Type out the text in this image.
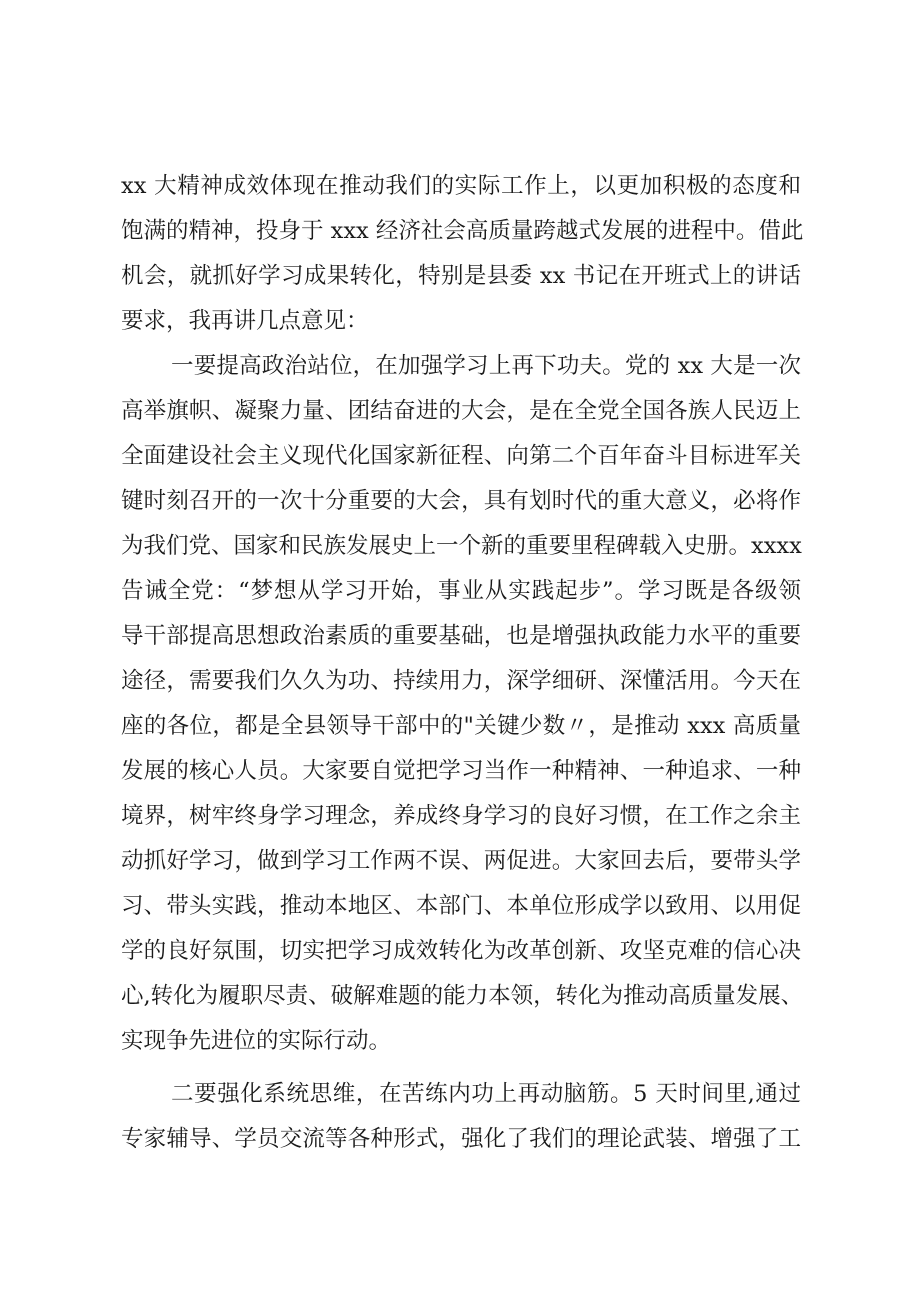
xx 大精神成效体现在推动我们的实际工作上，以更加积极的态度和
饱满的精神，投身于 xxx 经济社会高质量跨越式发展的进程中。借此
机会，就抓好学习成果转化，特别是县委 xx 书记在开班式上的讲话
要求，我再讲几点意见：
一要提高政治站位，在加强学习上再下功夫。党的 xx 大是一次
高举旗帜、凝聚力量、团结奋进的大会，是在全党全国各族人民迈上
全面建设社会主义现代化国家新征程、向第二个百年奋斗目标进军关
键时刻召开的一次十分重要的大会，具有划时代的重大意义，必将作
为我们党、国家和民族发展史上一个新的重要里程碑载入史册。xxxx
告诫全党：“梦想从学习开始，事业从实践起步”。学习既是各级领
导干部提高思想政治素质的重要基础，也是增强执政能力水平的重要
途径，需要我们久久为功、持续用力，深学细研、深懂活用。今天在
座的各位，都是全县领导干部中的"关键少数〃，是推动 xxx 高质量
发展的核心人员。大家要自觉把学习当作一种精神、一种追求、一种
境界，树牢终身学习理念，养成终身学习的良好习惯，在工作之余主
动抓好学习，做到学习工作两不误、两促进。大家回去后，要带头学
习、带头实践，推动本地区、本部门、本单位形成学以致用、以用促
学的良好氛围，切实把学习成效转化为改革创新、攻坚克难的信心决
心,转化为履职尽责、破解难题的能力本领，转化为推动高质量发展、
实现争先进位的实际行动。
二要强化系统思维，在苦练内功上再动脑筋。5 天时间里,通过
专家辅导、学员交流等各种形式，强化了我们的理论武装、增强了工
